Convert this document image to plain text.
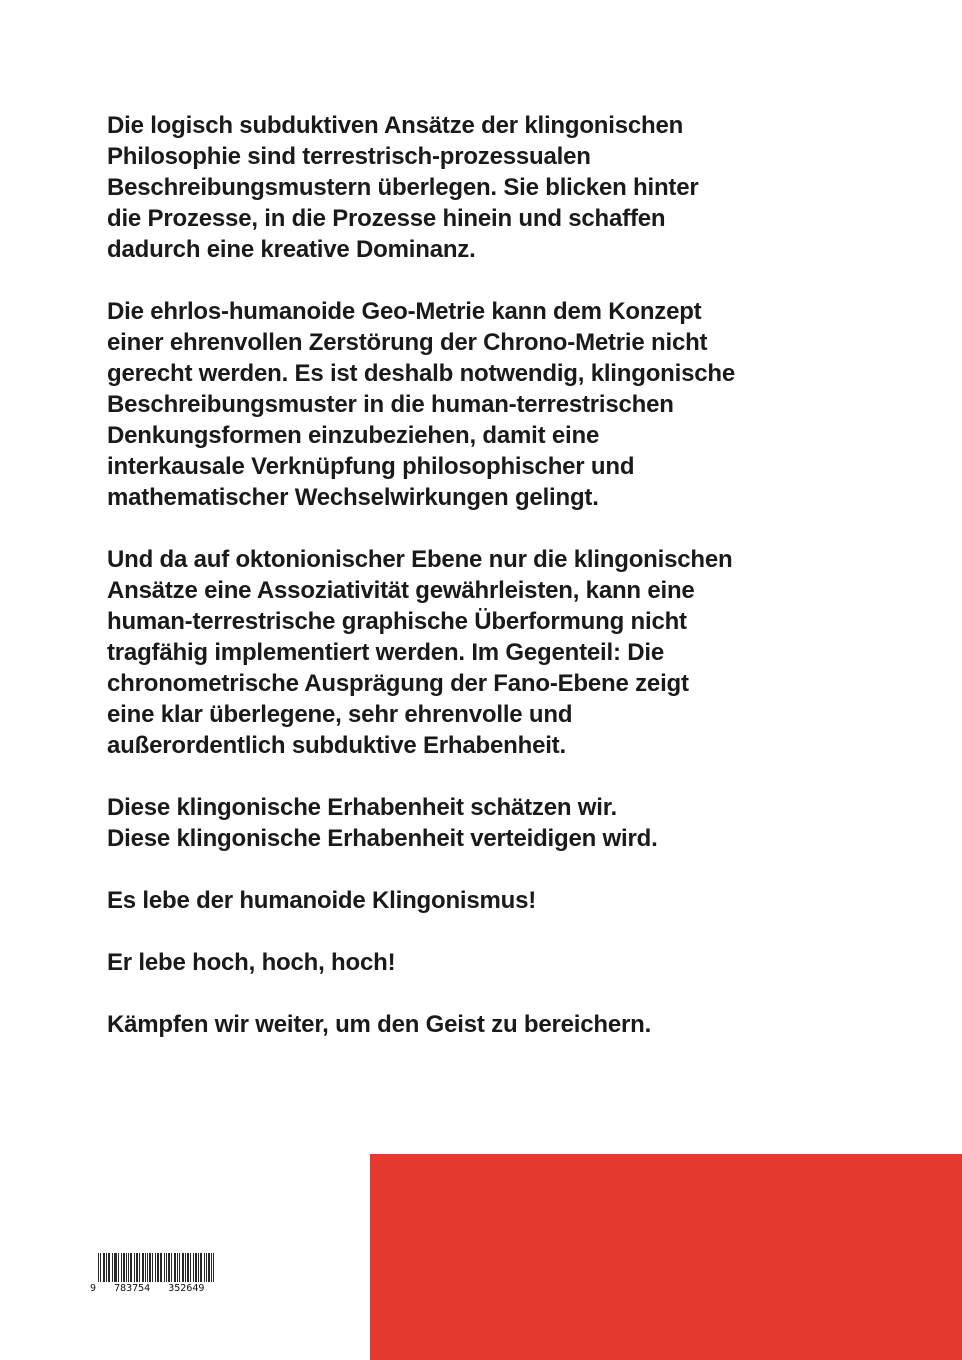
Die logisch subduktiven Ansätze der klingonischen
Philosophie sind terrestrisch-prozessualen
Beschreibungsmustern überlegen. Sie blicken hinter
die Prozesse, in die Prozesse hinein und schaffen
dadurch eine kreative Dominanz.

Die ehrlos-humanoide Geo-Metrie kann dem Konzept
einer ehrenvollen Zerstörung der Chrono-Metrie nicht
gerecht werden. Es ist deshalb notwendig, klingonische
Beschreibungsmuster in die human-terrestrischen
Denkungsformen einzubeziehen, damit eine
interkausale Verknüpfung philosophischer und
mathematischer Wechselwirkungen gelingt.

Und da auf oktonionischer Ebene nur die klingonischen
Ansätze eine Assoziativität gewährleisten, kann eine
human-terrestrische graphische Überformung nicht
tragfähig implementiert werden. Im Gegenteil: Die
chronometrische Ausprägung der Fano-Ebene zeigt
eine klar überlegene, sehr ehrenvolle und
außerordentlich subduktive Erhabenheit.

Diese klingonische Erhabenheit schätzen wir.
Diese klingonische Erhabenheit verteidigen wird.

Es lebe der humanoide Klingonismus!

Er lebe hoch, hoch, hoch!

Kämpfen wir weiter, um den Geist zu bereichern.

9   783754   352649
